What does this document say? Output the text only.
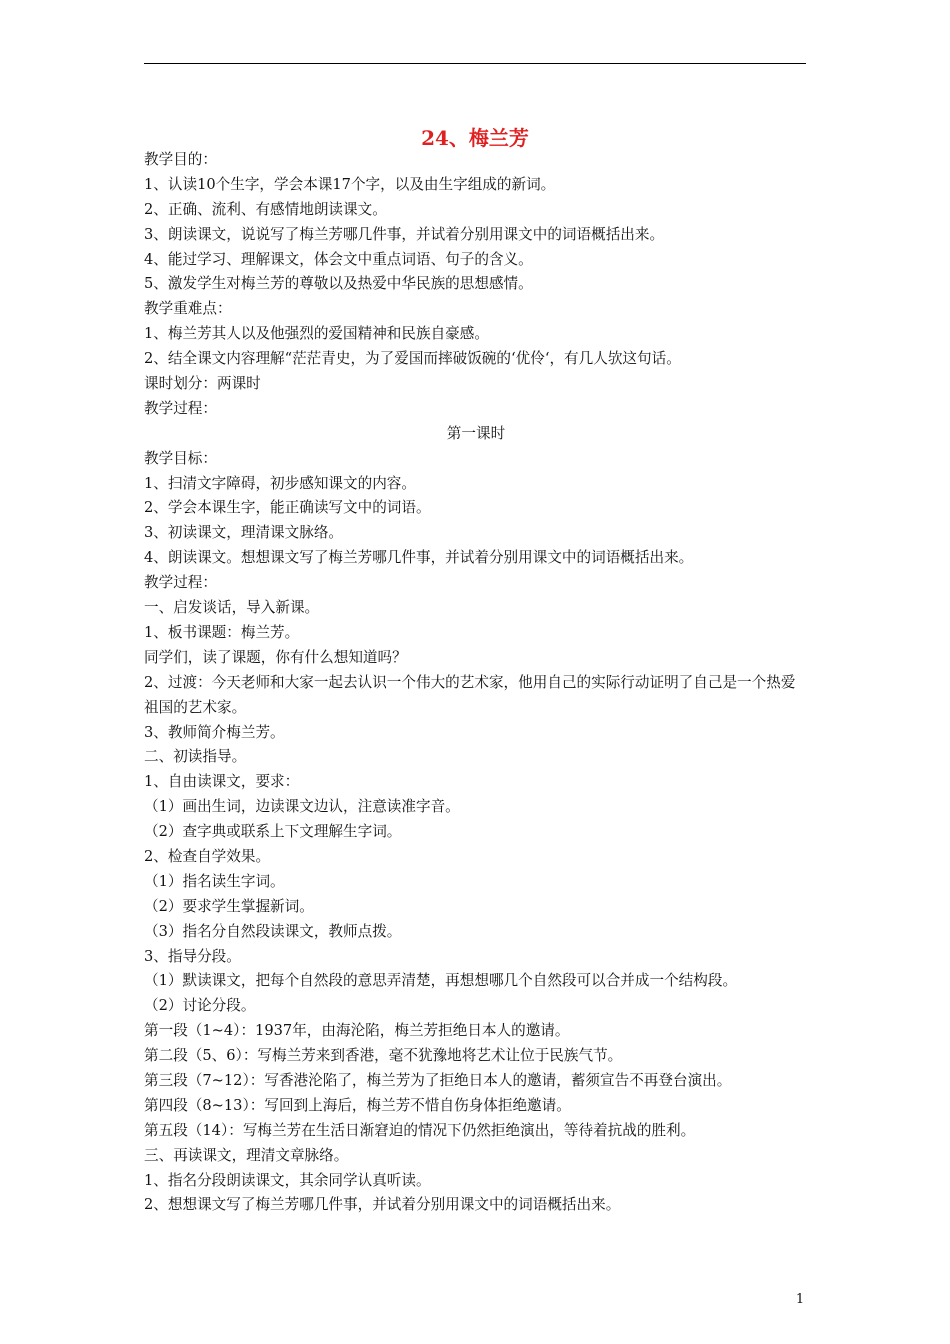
24、梅兰芳
教学目的：
1、认读10个生字，学会本课17个字，以及由生字组成的新词。
2、正确、流利、有感情地朗读课文。
3、朗读课文，说说写了梅兰芳哪几件事，并试着分别用课文中的词语概括出来。
4、能过学习、理解课文，体会文中重点词语、句子的含义。
5、激发学生对梅兰芳的尊敬以及热爱中华民族的思想感情。
教学重难点：
1、梅兰芳其人以及他强烈的爱国精神和民族自豪感。
2、结全课文内容理解“茫茫青史，为了爱国而摔破饭碗的‘优伶‘，有几人欤这句话。
课时划分：两课时
教学过程：
第一课时
教学目标：
1、扫清文字障碍，初步感知课文的内容。
2、学会本课生字，能正确读写文中的词语。
3、初读课文，理清课文脉络。
4、朗读课文。想想课文写了梅兰芳哪几件事，并试着分别用课文中的词语概括出来。
教学过程：
一、启发谈话，导入新课。
1、板书课题：梅兰芳。
同学们，读了课题，你有什么想知道吗？
2、过渡：今天老师和大家一起去认识一个伟大的艺术家，他用自己的实际行动证明了自己是一个热爱祖国的艺术家。
3、教师简介梅兰芳。
二、初读指导。
1、自由读课文，要求：
（1）画出生词，边读课文边认，注意读准字音。
（2）查字典或联系上下文理解生字词。
2、检查自学效果。
（1）指名读生字词。
（2）要求学生掌握新词。
（3）指名分自然段读课文，教师点拨。
3、指导分段。
（1）默读课文，把每个自然段的意思弄清楚，再想想哪几个自然段可以合并成一个结构段。
（2）讨论分段。
第一段（1~4）：1937年，由海沦陷，梅兰芳拒绝日本人的邀请。
第二段（5、6）：写梅兰芳来到香港，毫不犹豫地将艺术让位于民族气节。
第三段（7~12）：写香港沦陷了，梅兰芳为了拒绝日本人的邀请，蓄须宣告不再登台演出。
第四段（8~13）：写回到上海后，梅兰芳不惜自伤身体拒绝邀请。
第五段（14）：写梅兰芳在生活日渐窘迫的情况下仍然拒绝演出，等待着抗战的胜利。
三、再读课文，理清文章脉络。
1、指名分段朗读课文，其余同学认真听读。
2、想想课文写了梅兰芳哪几件事，并试着分别用课文中的词语概括出来。
1
